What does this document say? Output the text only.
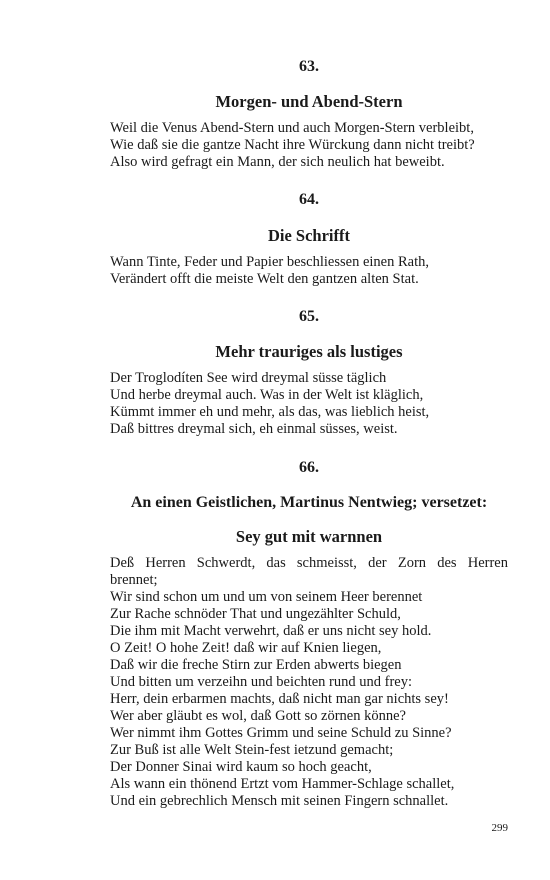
63.
Morgen- und Abend-Stern
Weil die Venus Abend-Stern und auch Morgen-Stern verbleibt,
Wie daß sie die gantze Nacht ihre Würckung dann nicht treibt?
Also wird gefragt ein Mann, der sich neulich hat beweibt.
64.
Die Schrifft
Wann Tinte, Feder und Papier beschliessen einen Rath,
Verändert offt die meiste Welt den gantzen alten Stat.
65.
Mehr trauriges als lustiges
Der Troglodíten See wird dreymal süsse täglich
Und herbe dreymal auch. Was in der Welt ist kläglich,
Kümmt immer eh und mehr, als das, was lieblich heist,
Daß bittres dreymal sich, eh einmal süsses, weist.
66.
An einen Geistlichen, Martinus Nentwieg; versetzet:
Sey gut mit warnnen
Deß Herren Schwerdt, das schmeisst, der Zorn des Herren
brennet;
Wir sind schon um und um von seinem Heer berennet
Zur Rache schnöder That und ungezählter Schuld,
Die ihm mit Macht verwehrt, daß er uns nicht sey hold.
O Zeit! O hohe Zeit! daß wir auf Knien liegen,
Daß wir die freche Stirn zur Erden abwerts biegen
Und bitten um verzeihn und beichten rund und frey:
Herr, dein erbarmen machts, daß nicht man gar nichts sey!
Wer aber gläubt es wol, daß Gott so zörnen könne?
Wer nimmt ihm Gottes Grimm und seine Schuld zu Sinne?
Zur Buß ist alle Welt Stein-fest ietzund gemacht;
Der Donner Sinai wird kaum so hoch geacht,
Als wann ein thönend Ertzt vom Hammer-Schlage schallet,
Und ein gebrechlich Mensch mit seinen Fingern schnallet.
299
